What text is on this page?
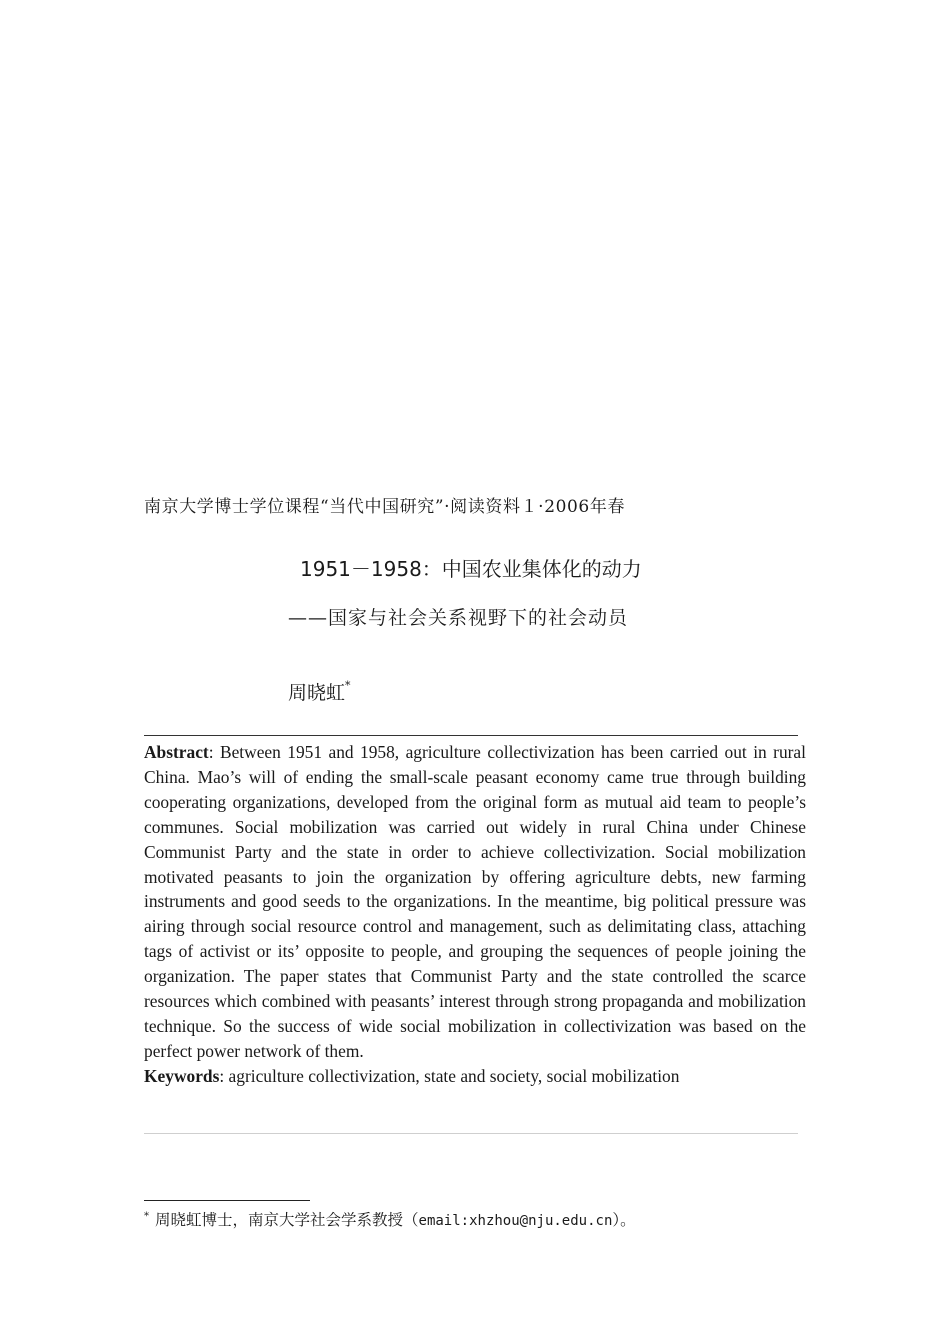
南京大学博士学位课程“当代中国研究”·阅读资料１·2006年春
1951－1958：中国农业集体化的动力
——国家与社会关系视野下的社会动员
周晓虹*

Abstract: Between 1951 and 1958, agriculture collectivization has been carried out in rural China. Mao’s will of ending the small-scale peasant economy came true through building cooperating organizations, developed from the original form as mutual aid team to people’s communes. Social mobilization was carried out widely in rural China under Chinese Communist Party and the state in order to achieve collectivization. Social mobilization motivated peasants to join the organization by offering agriculture debts, new farming instruments and good seeds to the organizations. In the meantime, big political pressure was airing through social resource control and management, such as delimitating class, attaching tags of activist or its’ opposite to people, and grouping the sequences of people joining the organization. The paper states that Communist Party and the state controlled the scarce resources which combined with peasants’ interest through strong propaganda and mobilization technique. So the success of wide social mobilization in collectivization was based on the perfect power network of them.

Keywords: agriculture collectivization, state and society, social mobilization

* 周晓虹博士，南京大学社会学系教授（email:xhzhou@nju.edu.cn）。
